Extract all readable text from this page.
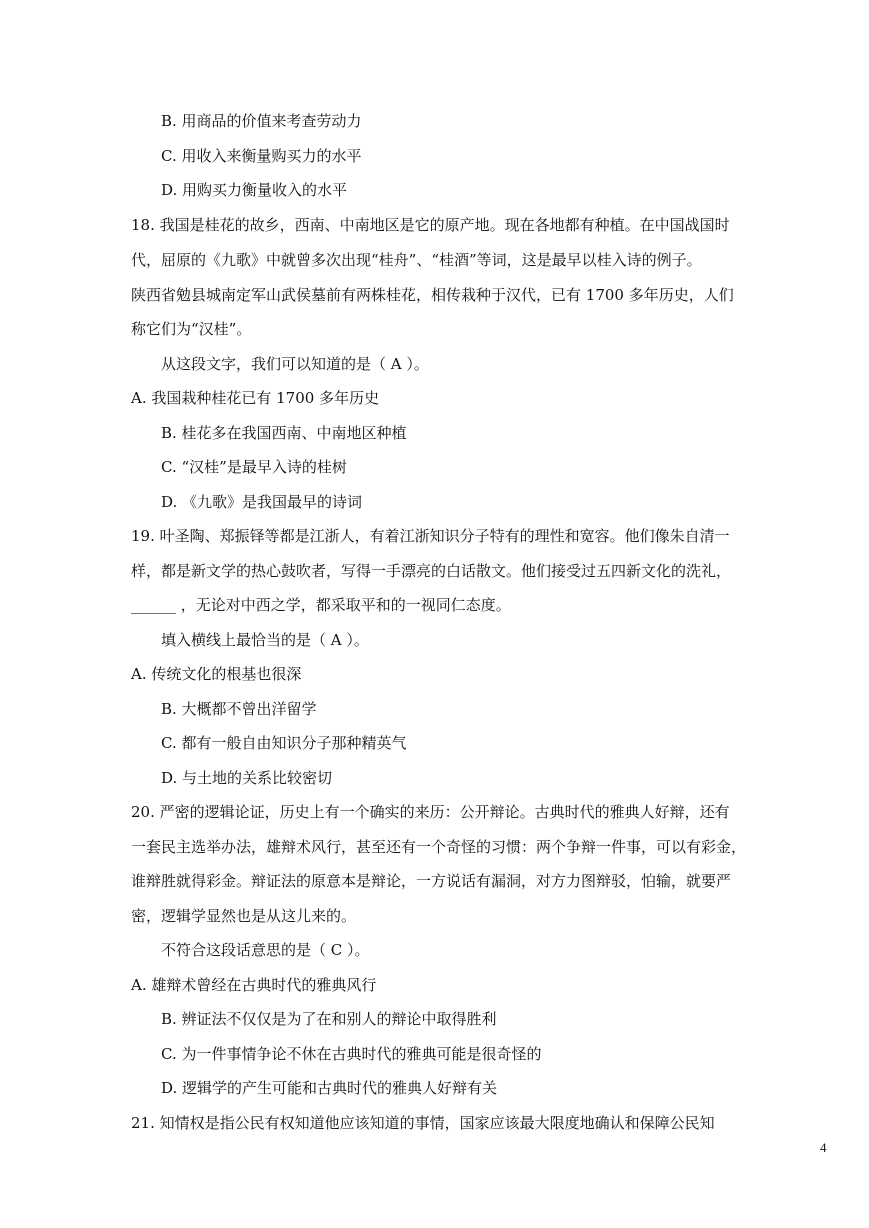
B. 用商品的价值来考查劳动力
C. 用收入来衡量购买力的水平
D. 用购买力衡量收入的水平
18. 我国是桂花的故乡，西南、中南地区是它的原产地。现在各地都有种植。在中国战国时
代，屈原的《九歌》中就曾多次出现“桂舟”、“桂酒”等词，这是最早以桂入诗的例子。
陕西省勉县城南定军山武侯墓前有两株桂花，相传栽种于汉代，已有 1700 多年历史，人们
称它们为“汉桂”。
从这段文字，我们可以知道的是（ A ）。
A. 我国栽种桂花已有 1700 多年历史
B. 桂花多在我国西南、中南地区种植
C. “汉桂”是最早入诗的桂树
D. 《九歌》是我国最早的诗词
19. 叶圣陶、郑振铎等都是江浙人，有着江浙知识分子特有的理性和宽容。他们像朱自清一
样，都是新文学的热心鼓吹者，写得一手漂亮的白话散文。他们接受过五四新文化的洗礼，
______ ，无论对中西之学，都采取平和的一视同仁态度。
填入横线上最恰当的是（ A ）。
A. 传统文化的根基也很深
B. 大概都不曾出洋留学
C. 都有一般自由知识分子那种精英气
D. 与土地的关系比较密切
20. 严密的逻辑论证，历史上有一个确实的来历：公开辩论。古典时代的雅典人好辩，还有
一套民主选举办法，雄辩术风行，甚至还有一个奇怪的习惯：两个争辩一件事，可以有彩金，
谁辩胜就得彩金。辩证法的原意本是辩论，一方说话有漏洞，对方力图辩驳，怕输，就要严
密，逻辑学显然也是从这儿来的。
不符合这段话意思的是（ C ）。
A. 雄辩术曾经在古典时代的雅典风行
B. 辨证法不仅仅是为了在和别人的辩论中取得胜利
C. 为一件事情争论不休在古典时代的雅典可能是很奇怪的
D. 逻辑学的产生可能和古典时代的雅典人好辩有关
21. 知情权是指公民有权知道他应该知道的事情，国家应该最大限度地确认和保障公民知
4
